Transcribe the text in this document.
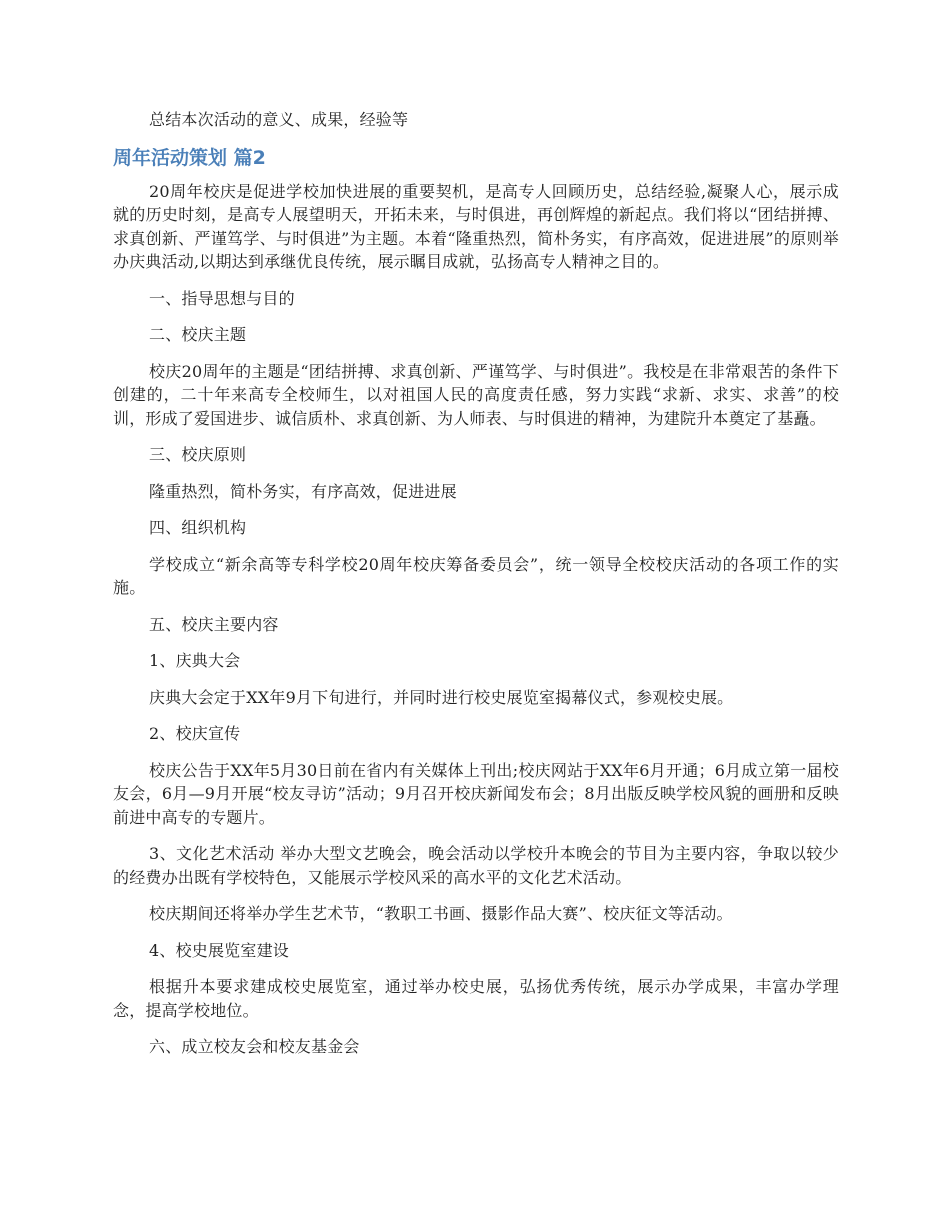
总结本次活动的意义、成果，经验等

周年活动策划 篇2

20周年校庆是促进学校加快进展的重要契机，是高专人回顾历史，总结经验,凝聚人心，展示成就的历史时刻，是高专人展望明天，开拓未来，与时俱进，再创辉煌的新起点。我们将以“团结拼搏、求真创新、严谨笃学、与时俱进”为主题。本着“隆重热烈，简朴务实，有序高效，促进进展”的原则举办庆典活动,以期达到承继优良传统，展示瞩目成就，弘扬高专人精神之目的。

一、指导思想与目的

二、校庆主题

校庆20周年的主题是“团结拼搏、求真创新、严谨笃学、与时俱进”。我校是在非常艰苦的条件下创建的，二十年来高专全校师生，以对祖国人民的高度责任感，努力实践“求新、求实、求善”的校训，形成了爱国进步、诚信质朴、求真创新、为人师表、与时俱进的精神，为建院升本奠定了基矗。

三、校庆原则

隆重热烈，简朴务实，有序高效，促进进展

四、组织机构

学校成立“新余高等专科学校20周年校庆筹备委员会”，统一领导全校校庆活动的各项工作的实施。

五、校庆主要内容

1、庆典大会

庆典大会定于XX年9月下旬进行，并同时进行校史展览室揭幕仪式，参观校史展。

2、校庆宣传

校庆公告于XX年5月30日前在省内有关媒体上刊出;校庆网站于XX年6月开通；6月成立第一届校友会，6月—9月开展“校友寻访”活动；9月召开校庆新闻发布会；8月出版反映学校风貌的画册和反映前进中高专的专题片。

3、文化艺术活动 举办大型文艺晚会，晚会活动以学校升本晚会的节目为主要内容，争取以较少的经费办出既有学校特色，又能展示学校风采的高水平的文化艺术活动。

校庆期间还将举办学生艺术节，“教职工书画、摄影作品大赛”、校庆征文等活动。

4、校史展览室建设

根据升本要求建成校史展览室，通过举办校史展，弘扬优秀传统，展示办学成果，丰富办学理念，提高学校地位。

六、成立校友会和校友基金会
